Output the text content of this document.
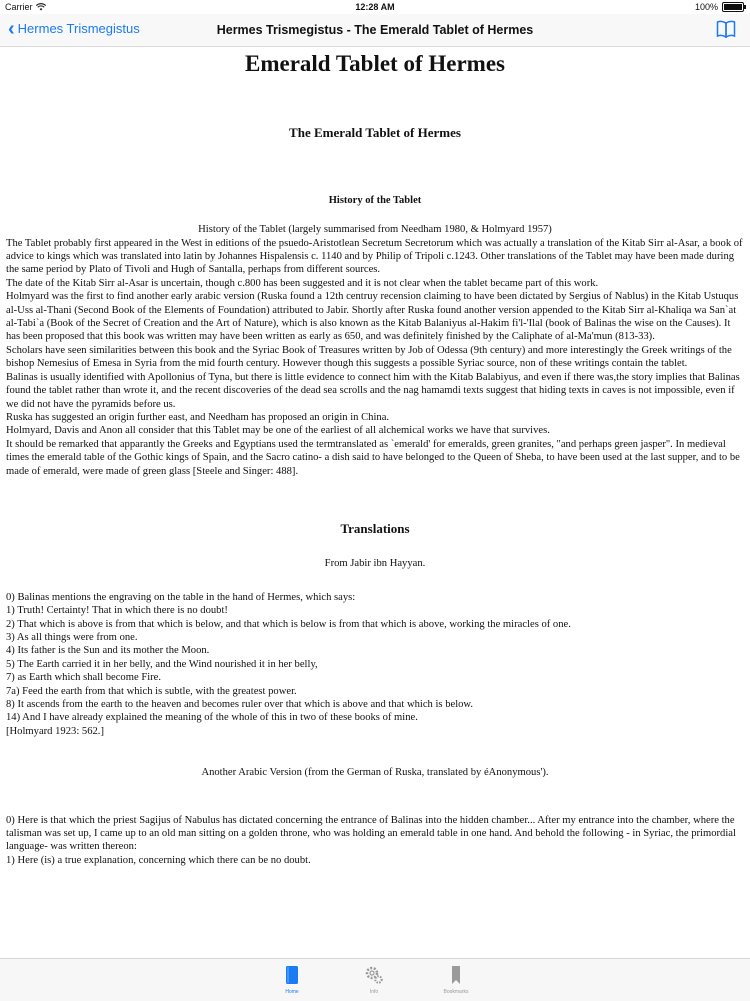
Carrier	12:28 AM	100%
‹ Hermes Trismegistus	Hermes Trismegistus - The Emerald Tablet of Hermes
Emerald Tablet of Hermes
The Emerald Tablet of Hermes
History of the Tablet
History of the Tablet (largely summarised from Needham 1980, & Holmyard 1957)
The Tablet probably first appeared in the West in editions of the psuedo-Aristotlean Secretum Secretorum which was actually a translation of the Kitab Sirr al-Asar, a book of advice to kings which was translated into latin by Johannes Hispalensis c. 1140 and by Philip of Tripoli c.1243. Other translations of the Tablet may have been made during the same period by Plato of Tivoli and Hugh of Santalla, perhaps from different sources.
The date of the Kitab Sirr al-Asar is uncertain, though c.800 has been suggested and it is not clear when the tablet became part of this work.
Holmyard was the first to find another early arabic version (Ruska found a 12th centruy recension claiming to have been dictated by Sergius of Nablus) in the Kitab Ustuqus al-Uss al-Thani (Second Book of the Elements of Foundation) attributed to Jabir. Shortly after Ruska found another version appended to the Kitab Sirr al-Khaliqa wa San`at al-Tabi`a (Book of the Secret of Creation and the Art of Nature), which is also known as the Kitab Balaniyus al-Hakim fi'l-'Ilal (book of Balinas the wise on the Causes). It has been proposed that this book was written may have been written as early as 650, and was definitely finished by the Caliphate of al-Ma'mun (813-33).
Scholars have seen similarities between this book and the Syriac Book of Treasures written by Job of Odessa (9th century) and more interestingly the Greek writings of the bishop Nemesius of Emesa in Syria from the mid fourth century. However though this suggests a possible Syriac source, non of these writings contain the tablet.
Balinas is usually identified with Apollonius of Tyna, but there is little evidence to connect him with the Kitab Balabiyus, and even if there was,the story implies that Balinas found the tablet rather than wrote it, and the recent discoveries of the dead sea scrolls and the nag hamamdi texts suggest that hiding texts in caves is not impossible, even if we did not have the pyramids before us.
Ruska has suggested an origin further east, and Needham has proposed an origin in China.
Holmyard, Davis and Anon all consider that this Tablet may be one of the earliest of all alchemical works we have that survives.
It should be remarked that apparantly the Greeks and Egyptians used the termtranslated as `emerald' for emeralds, green granites, "and perhaps green jasper". In medieval times the emerald table of the Gothic kings of Spain, and the Sacro catino- a dish said to have belonged to the Queen of Sheba, to have been used at the last supper, and to be made of emerald, were made of green glass [Steele and Singer: 488].
Translations
From Jabir ibn Hayyan.
0) Balinas mentions the engraving on the table in the hand of Hermes, which says:
1) Truth! Certainty! That in which there is no doubt!
2) That which is above is from that which is below, and that which is below is from that which is above, working the miracles of one.
3) As all things were from one.
4) Its father is the Sun and its mother the Moon.
5) The Earth carried it in her belly, and the Wind nourished it in her belly,
7) as Earth which shall become Fire.
7a) Feed the earth from that which is subtle, with the greatest power.
8) It ascends from the earth to the heaven and becomes ruler over that which is above and that which is below.
14) And I have already explained the meaning of the whole of this in two of these books of mine.
[Holmyard 1923: 562.]
Another Arabic Version (from the German of Ruska, translated by éAnonymous').
0) Here is that which the priest Sagijus of Nabulus has dictated concerning the entrance of Balinas into the hidden chamber... After my entrance into the chamber, where the talisman was set up, I came up to an old man sitting on a golden throne, who was holding an emerald table in one hand. And behold the following - in Syriac, the primordial language- was written thereon:
1) Here (is) a true explanation, concerning which there can be no doubt.
Home	Info	Bookmarks
